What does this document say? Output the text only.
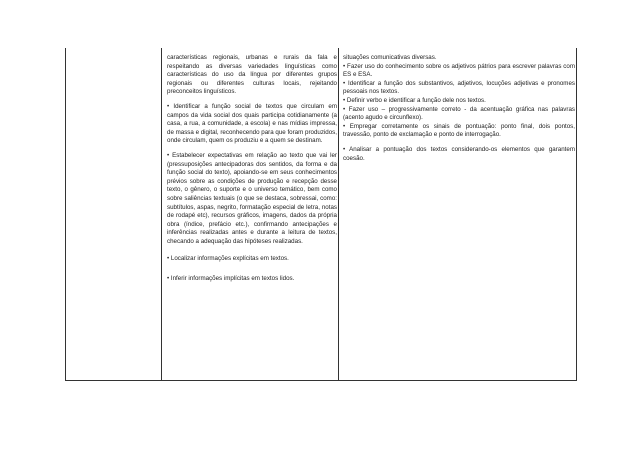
características regionais, urbanas e rurais da fala e respeitando as diversas variedades linguísticas como características do uso da língua por diferentes grupos regionais ou diferentes culturas locais, rejeitando preconceitos linguísticos.

• Identificar a função social de textos que circulam em campos da vida social dos quais participa cotidianamente (a casa, a rua, a comunidade, a escola) e nas mídias impressa, de massa e digital, reconhecendo para que foram produzidos, onde circulam, quem os produziu e a quem se destinam.

• Estabelecer expectativas em relação ao texto que vai ler (pressuposições antecipadoras dos sentidos, da forma e da função social do texto), apoiando-se em seus conhecimentos prévios sobre as condições de produção e recepção desse texto, o gênero, o suporte e o universo temático, bem como sobre saliências textuais (o que se destaca, sobressai, como: subtítulos, aspas, negrito, formatação especial de letra, notas de rodapé etc), recursos gráficos, imagens, dados da própria obra (índice, prefácio etc.), confirmando antecipações e inferências realizadas antes e durante a leitura de textos, checando a adequação das hipóteses realizadas.

• Localizar informações explícitas em textos.

• Inferir informações implícitas em textos lidos.

situações comunicativas diversas.

• Fazer uso do conhecimento sobre os adjetivos pátrios para escrever palavras com ES e ESA.

• Identificar a função dos substantivos, adjetivos, locuções adjetivas e pronomes pessoais nos textos.

• Definir verbo e identificar a função dele nos textos.

• Fazer uso – progressivamente correto - da acentuação gráfica nas palavras (acento agudo e circunflexo).

• Empregar corretamente os sinais de pontuação: ponto final, dois pontos, travessão, ponto de exclamação e ponto de interrogação.

• Analisar a pontuação dos textos considerando-os elementos que garantem coesão.
